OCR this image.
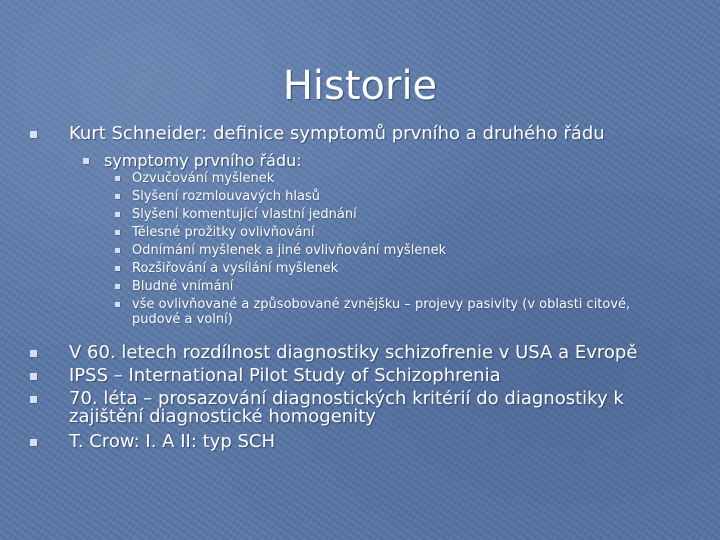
Historie
Kurt Schneider: definice symptomů prvního a druhého řádu
symptomy prvního řádu:
Ozvučování myšlenek
Slyšení rozmlouvavých hlasů
Slyšení komentující vlastní jednání
Tělesné prožitky ovlivňování
Odnímání myšlenek a jiné ovlivňování myšlenek
Rozšiřování a vysílání myšlenek
Bludné vnímání
vše ovlivňované a způsobované zvnějšku – projevy pasivity (v oblasti citové,
pudové a volní)
V 60. letech rozdílnost diagnostiky schizofrenie v USA a Evropě
IPSS – International Pilot Study of Schizophrenia
70. léta – prosazování diagnostických kritérií do diagnostiky k
zajištění diagnostické homogenity
T. Crow: I. A II: typ SCH
